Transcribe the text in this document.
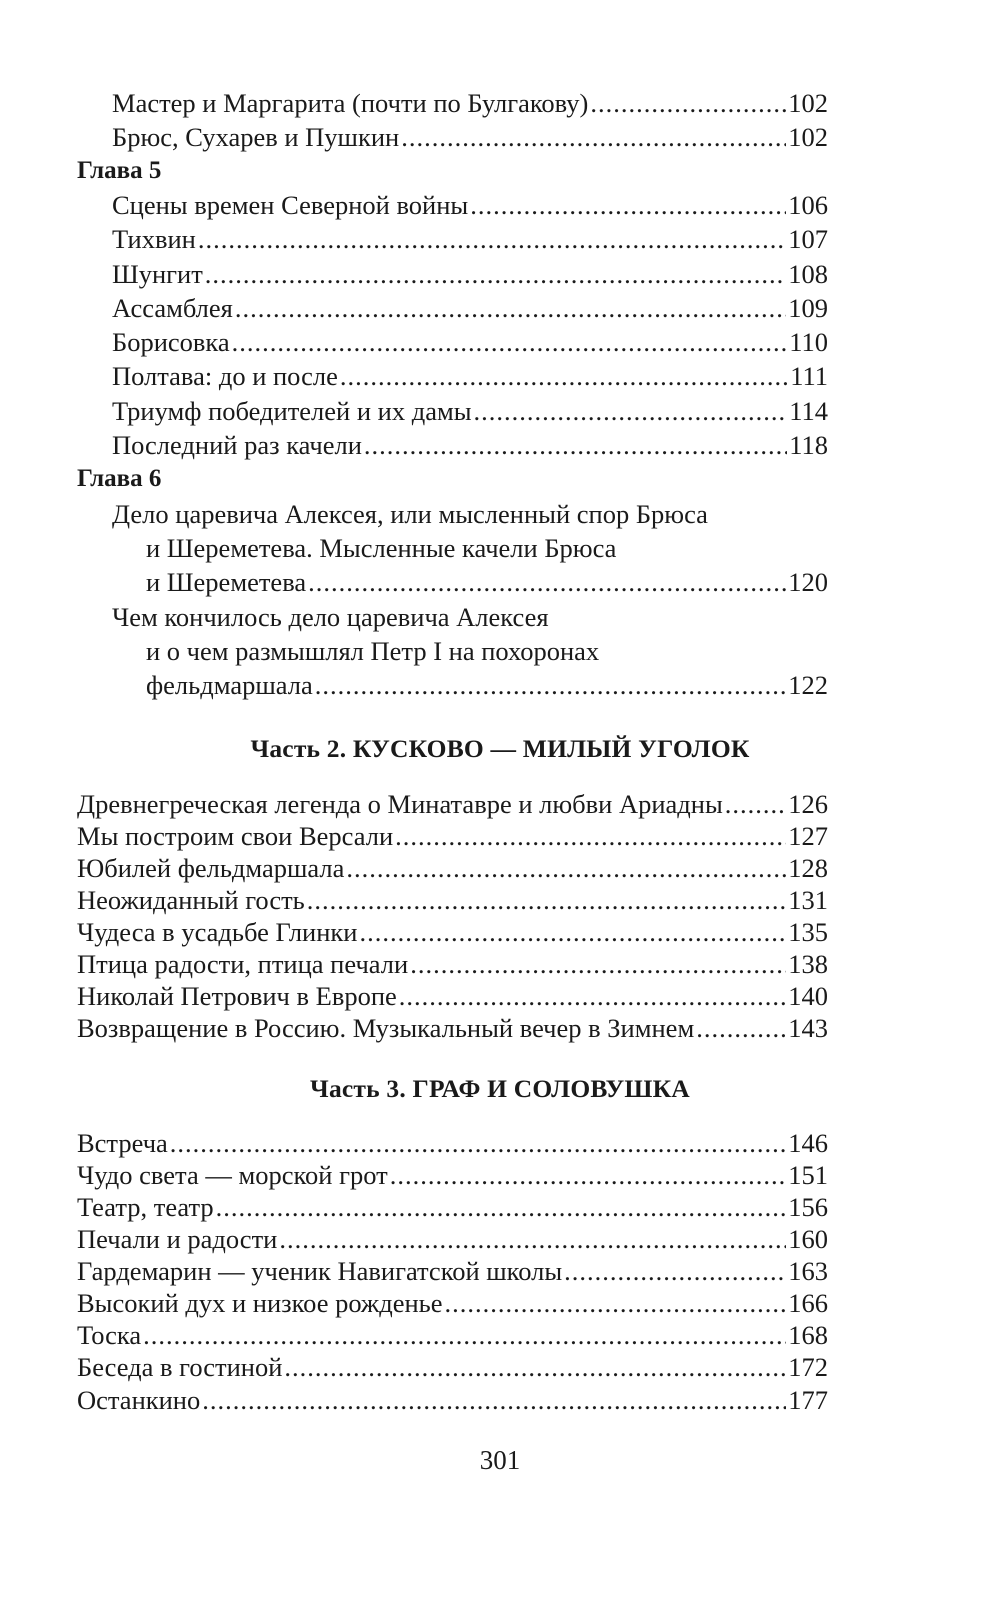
Мастер и Маргарита (почти по Булгакову) .....	102
Брюс, Сухарев и Пушкин .....	102
Глава 5
Сцены времен Северной войны .....	106
Тихвин .....	107
Шунгит .....	108
Ассамблея .....	109
Борисовка .....	110
Полтава: до и после .....	111
Триумф победителей и их дамы .....	114
Последний раз качели .....	118
Глава 6
Дело царевича Алексея, или мысленный спор Брюса
и Шереметева. Мысленные качели Брюса
и Шереметева .....	120
Чем кончилось дело царевича Алексея
и о чем размышлял Петр I на похоронах
фельдмаршала .....	122
Часть 2. КУСКОВО — МИЛЫЙ УГОЛОК
Древнегреческая легенда о Минатавре и любви Ариадны ..... 126
Мы построим свои Версали .....	127
Юбилей фельдмаршала .....	128
Неожиданный гость .....	131
Чудеса в усадьбе Глинки .....	135
Птица радости, птица печали .....	138
Николай Петрович в Европе .....	140
Возвращение в Россию. Музыкальный вечер в Зимнем .....	143
Часть 3. ГРАФ И СОЛОВУШКА
Встреча .....	146
Чудо света — морской грот .....	151
Театр, театр .....	156
Печали и радости .....	160
Гардемарин — ученик Навигатской школы .....	163
Высокий дух и низкое рожденье .....	166
Тоска .....	168
Беседа в гостиной .....	172
Останкино .....	177
301
